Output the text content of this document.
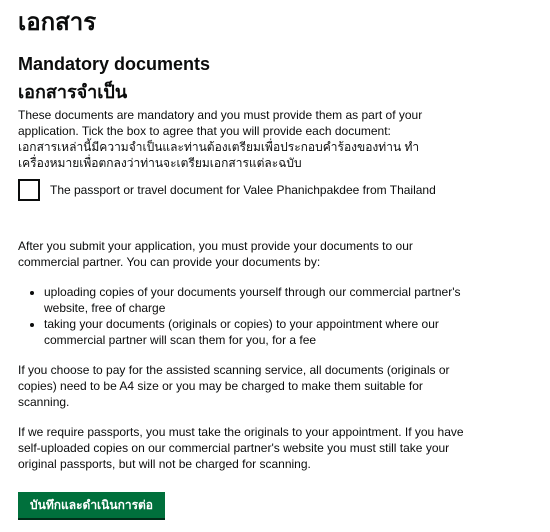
เอกสาร
Mandatory documents
เอกสารจำเป็น

These documents are mandatory and you must provide them as part of your
application. Tick the box to agree that you will provide each document:
เอกสารเหล่านี้มีความจำเป็นและท่านต้องเตรียมเพื่อประกอบคำร้องของท่าน ทำ
เครื่องหมายเพื่อตกลงว่าท่านจะเตรียมเอกสารแต่ละฉบับ

The passport or travel document for Valee Phanichpakdee from Thailand

After you submit your application, you must provide your documents to our
commercial partner. You can provide your documents by:

• uploading copies of your documents yourself through our commercial partner's
website, free of charge
• taking your documents (originals or copies) to your appointment where our
commercial partner will scan them for you, for a fee

If you choose to pay for the assisted scanning service, all documents (originals or
copies) need to be A4 size or you may be charged to make them suitable for
scanning.

If we require passports, you must take the originals to your appointment. If you have
self-uploaded copies on our commercial partner's website you must still take your
original passports, but will not be charged for scanning.

บันทึกและดำเนินการต่อ
